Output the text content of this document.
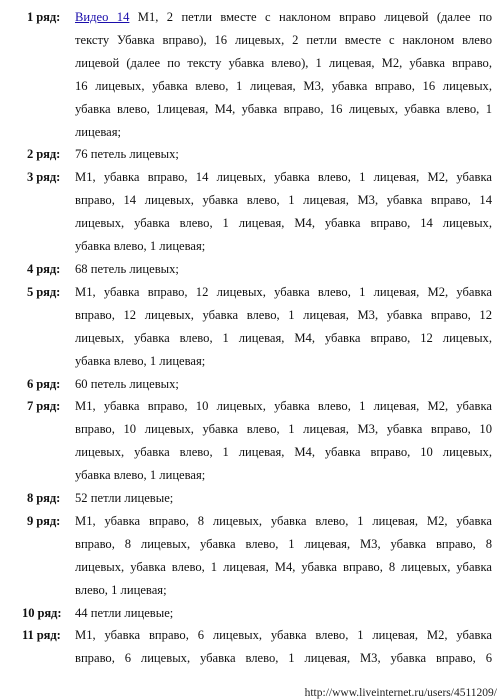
1 ряд:	Видео 14 М1, 2 петли вместе с наклоном вправо лицевой (далее по
тексту Убавка вправо), 16 лицевых, 2 петли вместе с наклоном влево
лицевой (далее по тексту убавка влево), 1 лицевая, М2, убавка вправо,
16 лицевых, убавка влево, 1 лицевая, М3, убавка вправо, 16 лицевых,
убавка влево, 1лицевая, М4, убавка вправо, 16 лицевых, убавка влево, 1
лицевая;
2 ряд:	76 петель лицевых;
3 ряд:	М1, убавка вправо, 14 лицевых, убавка влево, 1 лицевая, М2, убавка
вправо, 14 лицевых, убавка влево, 1 лицевая, М3, убавка вправо, 14
лицевых, убавка влево, 1 лицевая, М4, убавка вправо, 14 лицевых,
убавка влево, 1 лицевая;
4 ряд:	68 петель лицевых;
5 ряд:	М1, убавка вправо, 12 лицевых, убавка влево, 1 лицевая, М2, убавка
вправо, 12 лицевых, убавка влево, 1 лицевая, М3, убавка вправо, 12
лицевых, убавка влево, 1 лицевая, М4, убавка вправо, 12 лицевых,
убавка влево, 1 лицевая;
6 ряд:	60 петель лицевых;
7 ряд:	М1, убавка вправо, 10 лицевых, убавка влево, 1 лицевая, М2, убавка
вправо, 10 лицевых, убавка влево, 1 лицевая, М3, убавка вправо, 10
лицевых, убавка влево, 1 лицевая, М4, убавка вправо, 10 лицевых,
убавка влево, 1 лицевая;
8 ряд:	52 петли лицевые;
9 ряд:	М1, убавка вправо, 8 лицевых, убавка влево, 1 лицевая, М2, убавка
вправо, 8 лицевых, убавка влево, 1 лицевая, М3, убавка вправо, 8
лицевых, убавка влево, 1 лицевая, М4, убавка вправо, 8 лицевых, убавка
влево, 1 лицевая;
10 ряд:	44 петли лицевые;
11 ряд:	М1, убавка вправо, 6 лицевых, убавка влево, 1 лицевая, М2, убавка
вправо, 6 лицевых, убавка влево, 1 лицевая, М3, убавка вправо, 6
http://www.liveinternet.ru/users/4511209/
